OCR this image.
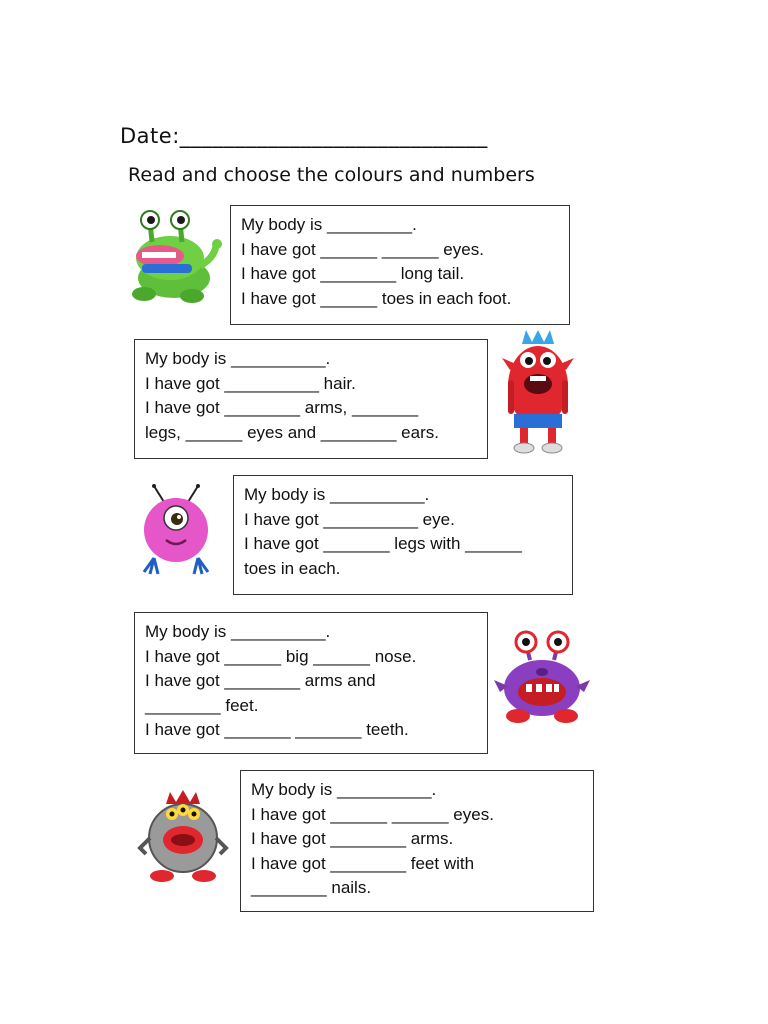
Date:____________________________
Read and choose the colours and numbers
My body is _________.
I have got ______ ______ eyes.
I have got ________ long tail.
I have got ______ toes in each foot.
My body is __________.
I have got __________ hair.
I have got ________ arms, _______
legs, ______ eyes and ________ ears.
My body is __________.
I have got __________ eye.
I have got _______ legs with ______
toes in each.
My body is __________.
I have got ______ big ______ nose.
I have got ________ arms and
________ feet.
I have got _______ _______ teeth.
My body is __________.
I have got ______ ______ eyes.
I have got ________ arms.
I have got ________ feet with
________ nails.
